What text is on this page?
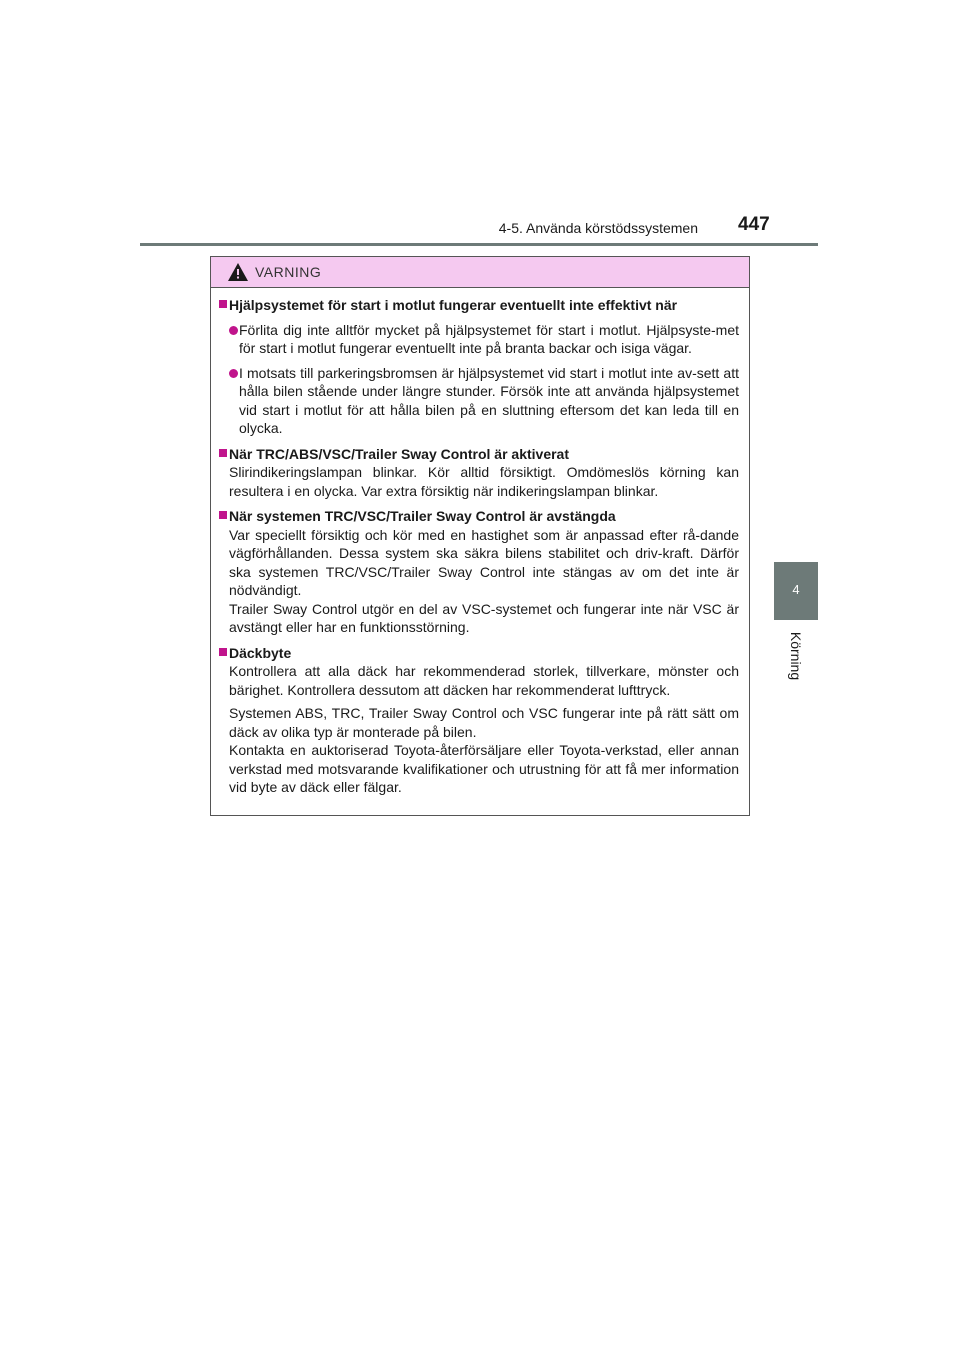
4-5. Använda körstödssystemen 447
4
Körning
VARNING
Hjälpsystemet för start i motlut fungerar eventuellt inte effektivt när
Förlita dig inte alltför mycket på hjälpsystemet för start i motlut. Hjälpsyste-met för start i motlut fungerar eventuellt inte på branta backar och isiga vägar.
I motsats till parkeringsbromsen är hjälpsystemet vid start i motlut inte av-sett att hålla bilen stående under längre stunder. Försök inte att använda hjälpsystemet vid start i motlut för att hålla bilen på en sluttning eftersom det kan leda till en olycka.
När TRC/ABS/VSC/Trailer Sway Control är aktiverat
Slirindikeringslampan blinkar. Kör alltid försiktigt. Omdömeslös körning kan resultera i en olycka. Var extra försiktig när indikeringslampan blinkar.
När systemen TRC/VSC/Trailer Sway Control är avstängda
Var speciellt försiktig och kör med en hastighet som är anpassad efter rå-dande vägförhållanden. Dessa system ska säkra bilens stabilitet och driv-kraft. Därför ska systemen TRC/VSC/Trailer Sway Control inte stängas av om det inte är nödvändigt.
Trailer Sway Control utgör en del av VSC-systemet och fungerar inte när VSC är avstängt eller har en funktionsstörning.
Däckbyte
Kontrollera att alla däck har rekommenderad storlek, tillverkare, mönster och bärighet. Kontrollera dessutom att däcken har rekommenderat lufttryck.
Systemen ABS, TRC, Trailer Sway Control och VSC fungerar inte på rätt sätt om däck av olika typ är monterade på bilen.
Kontakta en auktoriserad Toyota-återförsäljare eller Toyota-verkstad, eller annan verkstad med motsvarande kvalifikationer och utrustning för att få mer information vid byte av däck eller fälgar.
